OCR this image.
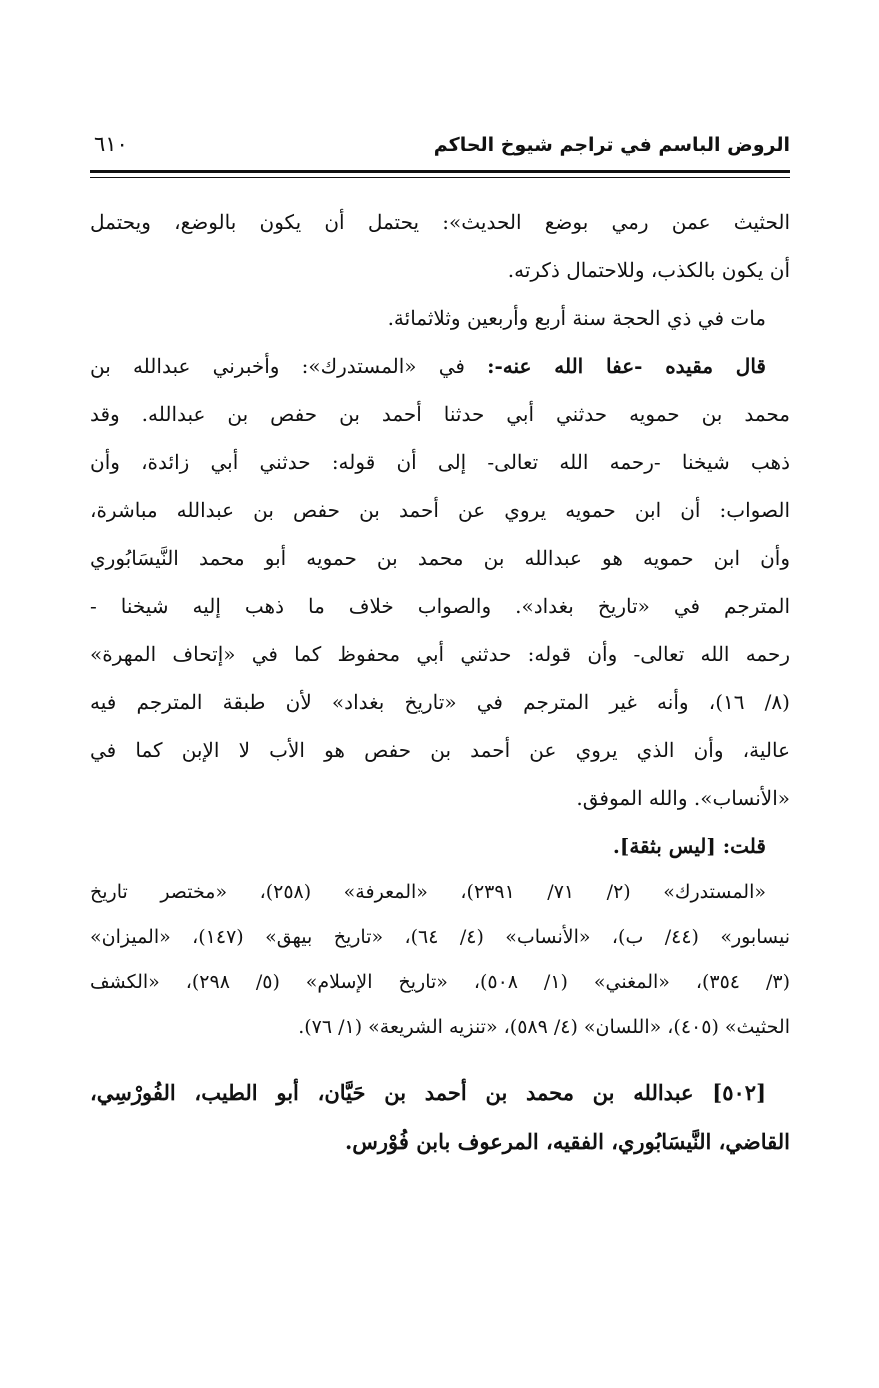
الروض الباسم في تراجم شيوخ الحاكم
٦١٠
الحثيث عمن رمي بوضع الحديث»: يحتمل أن يكون بالوضع، ويحتمل
أن يكون بالكذب، وللاحتمال ذكرته.
مات في ذي الحجة سنة أربع وأربعين وثلاثمائة.
قال مقيده -عفا الله عنه-: في «المستدرك»: وأخبرني عبدالله بن
محمد بن حمويه حدثني أبي حدثنا أحمد بن حفص بن عبدالله. وقد
ذهب شيخنا -رحمه الله تعالى- إلى أن قوله: حدثني أبي زائدة، وأن
الصواب: أن ابن حمويه يروي عن أحمد بن حفص بن عبدالله مباشرة،
وأن ابن حمويه هو عبدالله بن محمد بن حمويه أبو محمد النَّيسَابُوري
المترجم في «تاريخ بغداد». والصواب خلاف ما ذهب إليه شيخنا -
رحمه الله تعالى- وأن قوله: حدثني أبي محفوظ كما في «إتحاف المهرة»
(٨/ ١٦)، وأنه غير المترجم في «تاريخ بغداد» لأن طبقة المترجم فيه
عالية، وأن الذي يروي عن أحمد بن حفص هو الأب لا الإبن كما في
«الأنساب». والله الموفق.
قلت: [ليس بثقة].
«المستدرك» (٢/ ٧١/ ٢٣٩١)، «المعرفة» (٢٥٨)، «مختصر تاريخ
نيسابور» (٤٤/ ب)، «الأنساب» (٤/ ٦٤)، «تاريخ بيهق» (١٤٧)، «الميزان»
(٣/ ٣٥٤)، «المغني» (١/ ٥٠٨)، «تاريخ الإسلام» (٥/ ٢٩٨)، «الكشف
الحثيث» (٤٠٥)، «اللسان» (٤/ ٥٨٩)، «تنزيه الشريعة» (١/ ٧٦).
[٥٠٢] عبدالله بن محمد بن أحمد بن حَيَّان، أبو الطيب، الفُورْسِي،
القاضي، النَّيسَابُوري، الفقيه، المرعوف بابن فُوْرس.
